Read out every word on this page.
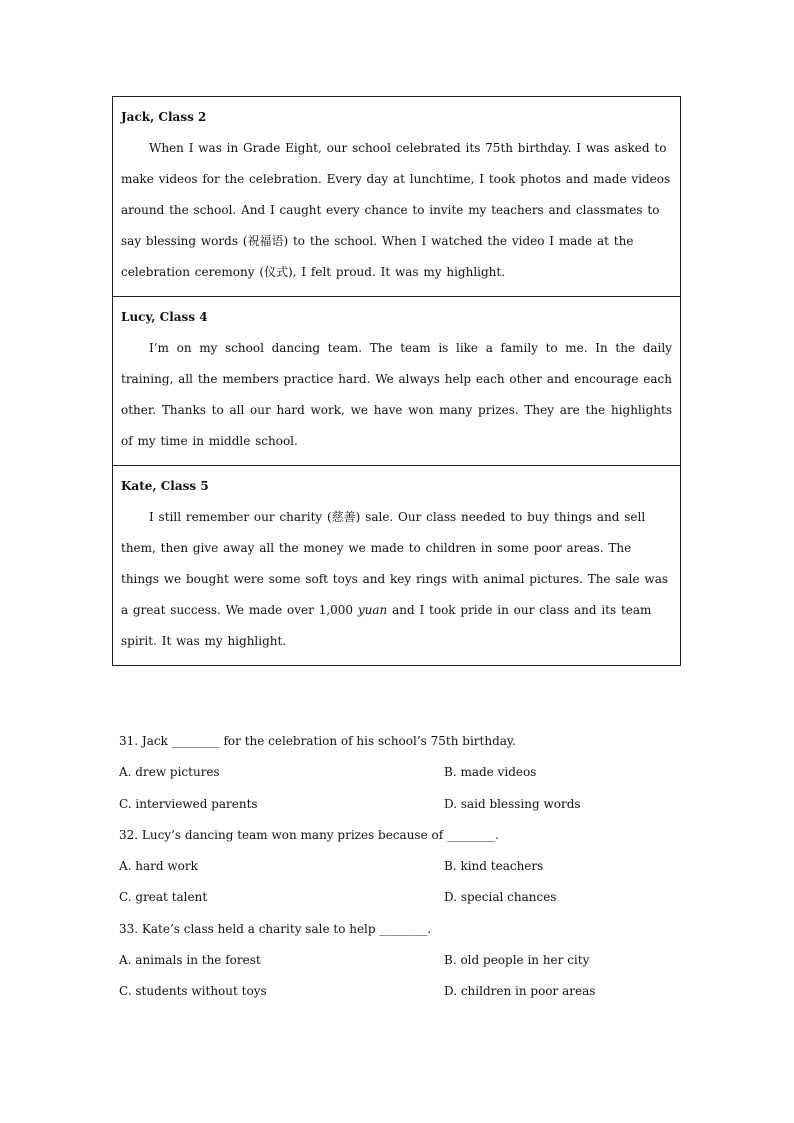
Jack, Class 2

When I was in Grade Eight, our school celebrated its 75th birthday. I was asked to make videos for the celebration. Every day at lunchtime, I took photos and made videos around the school. And I caught every chance to invite my teachers and classmates to say blessing words (祝福语) to the school. When I watched the video I made at the celebration ceremony (仪式), I felt proud. It was my highlight.

Lucy, Class 4

I’m on my school dancing team. The team is like a family to me. In the daily training, all the members practice hard. We always help each other and encourage each other. Thanks to all our hard work, we have won many prizes. They are the highlights of my time in middle school.

Kate, Class 5

I still remember our charity (慈善) sale. Our class needed to buy things and sell them, then give away all the money we made to children in some poor areas. The things we bought were some soft toys and key rings with animal pictures. The sale was a great success. We made over 1,000 yuan and I took pride in our class and its team spirit. It was my highlight.

31. Jack ________ for the celebration of his school’s 75th birthday.
A. drew pictures	B. made videos
C. interviewed parents	D. said blessing words
32. Lucy’s dancing team won many prizes because of ________.
A. hard work	B. kind teachers
C. great talent	D. special chances
33. Kate’s class held a charity sale to help ________.
A. animals in the forest	B. old people in her city
C. students without toys	D. children in poor areas
